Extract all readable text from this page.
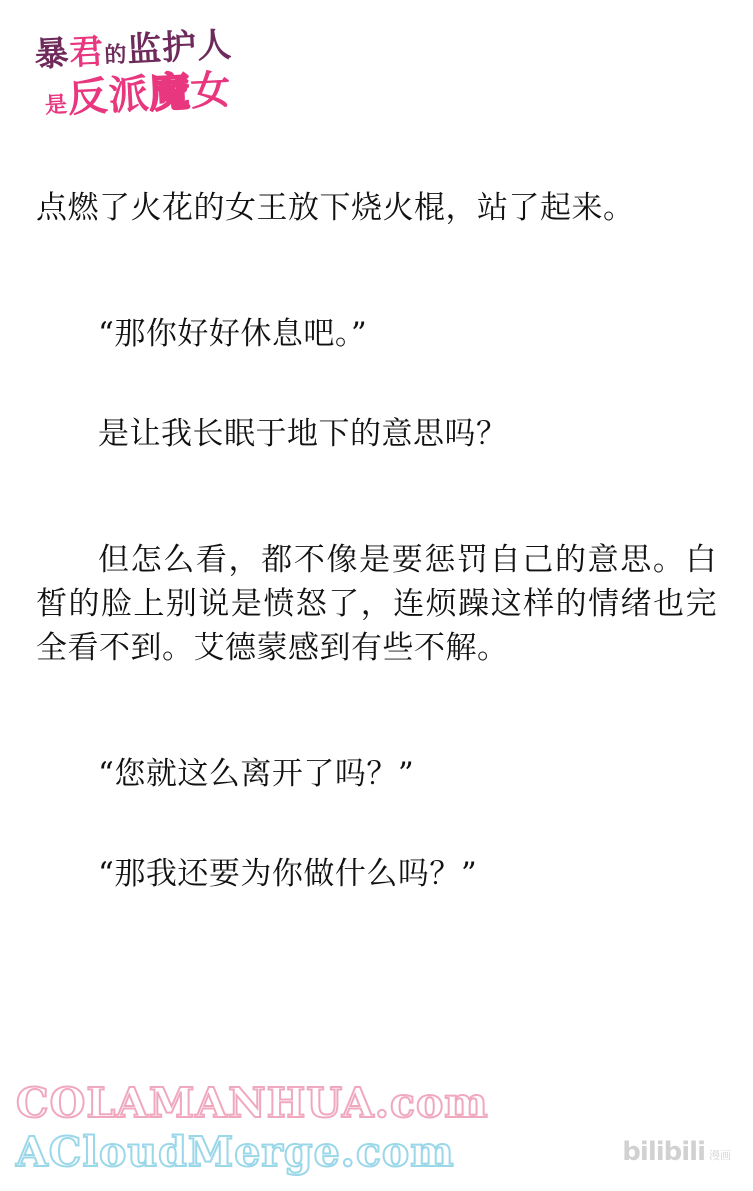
暴君的监护人
是反派魔女

点燃了火花的女王放下烧火棍，站了起来。

“那你好好休息吧。”

是让我长眠于地下的意思吗？

但怎么看，都不像是要惩罚自己的意思。白皙的脸上别说是愤怒了，连烦躁这样的情绪也完全看不到。艾德蒙感到有些不解。

“您就这么离开了吗？”

“那我还要为你做什么吗？”

COLAMANHUA.com
ACloudMerge.com	bilibili 漫画
